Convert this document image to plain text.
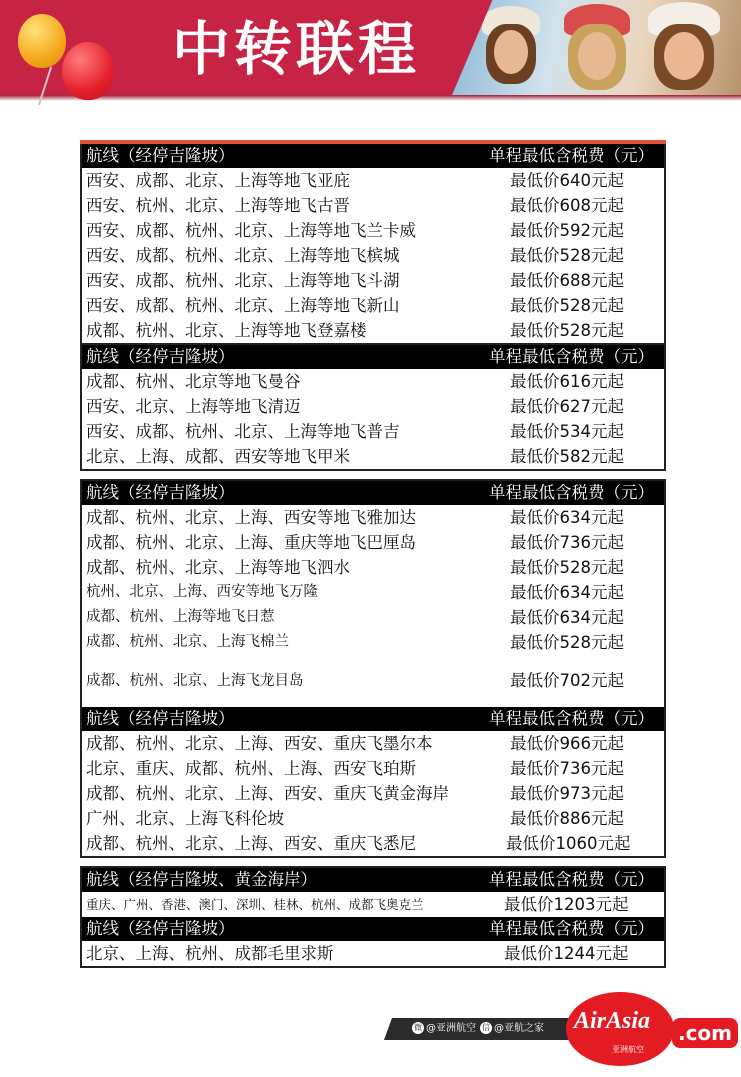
中转联程
航线（经停吉隆坡）	单程最低含税费（元）
西安、成都、北京、上海等地飞亚庇	最低价640元起
西安、杭州、北京、上海等地飞古晋	最低价608元起
西安、成都、杭州、北京、上海等地飞兰卡威	最低价592元起
西安、成都、杭州、北京、上海等地飞槟城	最低价528元起
西安、成都、杭州、北京、上海等地飞斗湖	最低价688元起
西安、成都、杭州、北京、上海等地飞新山	最低价528元起
成都、杭州、北京、上海等地飞登嘉楼	最低价528元起
航线（经停吉隆坡）	单程最低含税费（元）
成都、杭州、北京等地飞曼谷	最低价616元起
西安、北京、上海等地飞清迈	最低价627元起
西安、成都、杭州、北京、上海等地飞普吉	最低价534元起
北京、上海、成都、西安等地飞甲米	最低价582元起
航线（经停吉隆坡）	单程最低含税费（元）
成都、杭州、北京、上海、西安等地飞雅加达	最低价634元起
成都、杭州、北京、上海、重庆等地飞巴厘岛	最低价736元起
成都、杭州、北京、上海等地飞泗水	最低价528元起
杭州、北京、上海、西安等地飞万隆	最低价634元起
成都、杭州、上海等地飞日惹	最低价634元起
成都、杭州、北京、上海飞棉兰	最低价528元起
成都、杭州、北京、上海飞龙目岛	最低价702元起
航线（经停吉隆坡）	单程最低含税费（元）
成都、杭州、北京、上海、西安、重庆飞墨尔本	最低价966元起
北京、重庆、成都、杭州、上海、西安飞珀斯	最低价736元起
成都、杭州、北京、上海、西安、重庆飞黄金海岸	最低价973元起
广州、北京、上海飞科伦坡	最低价886元起
成都、杭州、北京、上海、西安、重庆飞悉尼	最低价1060元起
航线（经停吉隆坡、黄金海岸）	单程最低含税费（元）
重庆、广州、香港、澳门、深圳、桂林、杭州、成都飞奥克兰	最低价1203元起
航线（经停吉隆坡）	单程最低含税费（元）
北京、上海、杭州、成都毛里求斯	最低价1244元起
微 @亚洲航空 信 @亚航之家 AirAsia
亚洲航空
.com
